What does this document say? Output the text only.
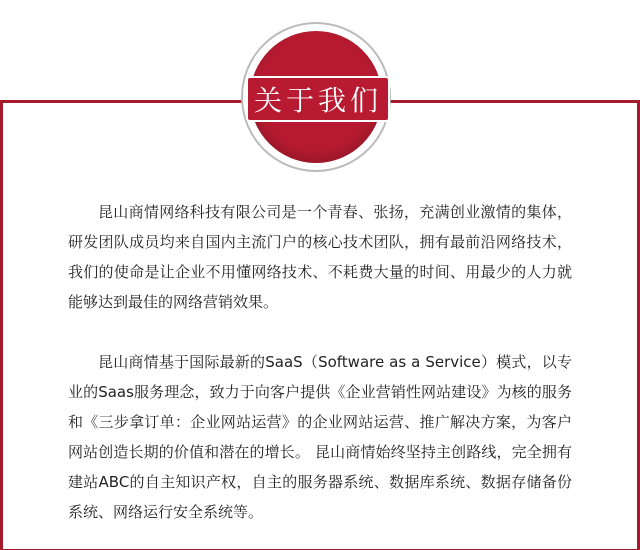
关于我们

昆山商情网络科技有限公司是一个青春、张扬，充满创业激情的集体，研发团队成员均来自国内主流门户的核心技术团队，拥有最前沿网络技术，我们的使命是让企业不用懂网络技术、不耗费大量的时间、用最少的人力就能够达到最佳的网络营销效果。

昆山商情基于国际最新的SaaS（Software as a Service）模式，以专业的Saas服务理念，致力于向客户提供《企业营销性网站建设》为核的服务和《三步拿订单：企业网站运营》的企业网站运营、推广解决方案，为客户网站创造长期的价值和潜在的增长。 昆山商情始终坚持主创路线，完全拥有建站ABC的自主知识产权，自主的服务器系统、数据库系统、数据存储备份系统、网络运行安全系统等。
